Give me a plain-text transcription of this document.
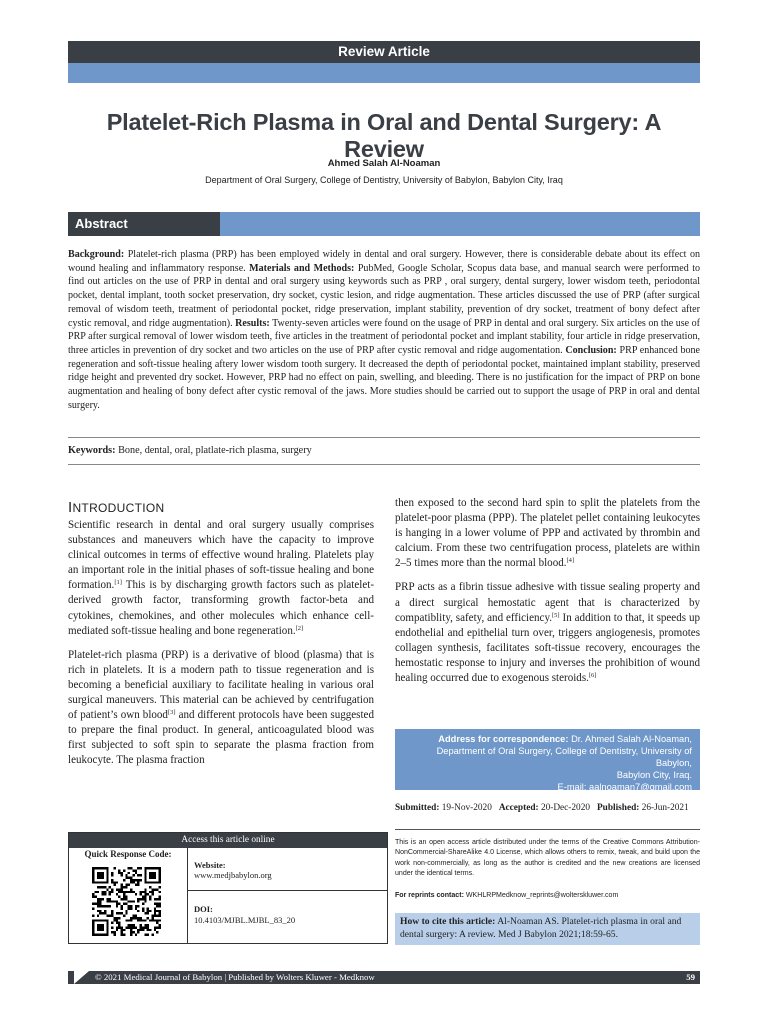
Review Article
Platelet-Rich Plasma in Oral and Dental Surgery: A Review
Ahmed Salah Al-Noaman
Department of Oral Surgery, College of Dentistry, University of Babylon, Babylon City, Iraq
Abstract
Background: Platelet-rich plasma (PRP) has been employed widely in dental and oral surgery. However, there is considerable debate about its effect on wound healing and inflammatory response. Materials and Methods: PubMed, Google Scholar, Scopus data base, and manual search were performed to find out articles on the use of PRP in dental and oral surgery using keywords such as PRP , oral surgery, dental surgery, lower wisdom teeth, periodontal pocket, dental implant, tooth socket preservation, dry socket, cystic lesion, and ridge augmentation. These articles discussed the use of PRP (after surgical removal of wisdom teeth, treatment of periodontal pocket, ridge preservation, implant stability, prevention of dry socket, treatment of bony defect after cystic removal, and ridge augmentation). Results: Twenty-seven articles were found on the usage of PRP in dental and oral surgery. Six articles on the use of PRP after surgical removal of lower wisdom teeth, five articles in the treatment of periodontal pocket and implant stability, four article in ridge preservation, three articles in prevention of dry socket and two articles on the use of PRP after cystic removal and ridge augomentation. Conclusion: PRP enhanced bone regeneration and soft-tissue healing aftery lower wisdom tooth surgery. It decreased the depth of periodontal pocket, maintained implant stability, preserved ridge height and prevented dry socket. However, PRP had no effect on pain, swelling, and bleeding. There is no justification for the impact of PRP on bone augmentation and healing of bony defect after cystic removal of the jaws. More studies should be carried out to support the usage of PRP in oral and dental surgery.
Keywords: Bone, dental, oral, platlate-rich plasma, surgery
INTRODUCTION

Scientific research in dental and oral surgery usually comprises substances and maneuvers which have the capacity to improve clinical outcomes in terms of effective wound hraling. Platelets play an important role in the initial phases of soft-tissue healing and bone formation.[1] This is by discharging growth factors such as platelet-derived growth factor, transforming growth factor-beta and cytokines, chemokines, and other molecules which enhance cell-mediated soft-tissue healing and bone regeneration.[2]

Platelet-rich plasma (PRP) is a derivative of blood (plasma) that is rich in platelets. It is a modern path to tissue regeneration and is becoming a beneficial auxiliary to facilitate healing in various oral surgical maneuvers. This material can be achieved by centrifugation of patient’s own blood[3] and different protocols have been suggested to prepare the final product. In general, anticoagulated blood was first subjected to soft spin to separate the plasma fraction from leukocyte. The plasma fraction

then exposed to the second hard spin to split the platelets from the platelet-poor plasma (PPP). The platelet pellet containing leukocytes is hanging in a lower volume of PPP and activated by thrombin and calcium. From these two centrifugation process, platelets are within 2–5 times more than the normal blood.[4]

PRP acts as a fibrin tissue adhesive with tissue sealing property and a direct surgical hemostatic agent that is characterized by compatiblity, safety, and efficiency.[5] In addition to that, it speeds up endothelial and epithelial turn over, triggers angiogenesis, promotes collagen synthesis, facilitates soft-tissue recovery, encourages the hemostatic response to injury and inverses the prohibition of wound healing occurred due to exogenous steroids.[6]

Address for correspondence: Dr. Ahmed Salah Al-Noaman,
Department of Oral Surgery, College of Dentistry, University of Babylon,
Babylon City, Iraq.
E-mail: aalnoaman7@gmail.com
Submitted: 19-Nov-2020 Accepted: 20-Dec-2020 Published: 26-Jun-2021
This is an open access article distributed under the terms of the Creative Commons Attribution-NonCommercial-ShareAlike 4.0 License, which allows others to remix, tweak, and build upon the work non-commercially, as long as the author is credited and the new creations are licensed under the identical terms.
For reprints contact: WKHLRPMedknow_reprints@wolterskluwer.com
How to cite this article: Al-Noaman AS. Platelet-rich plasma in oral and dental surgery: A review. Med J Babylon 2021;18:59-65.
Access this article online
Quick Response Code:
Website:
www.medjbabylon.org
DOI:
10.4103/MJBL.MJBL_83_20
© 2021 Medical Journal of Babylon | Published by Wolters Kluwer - Medknow	59
